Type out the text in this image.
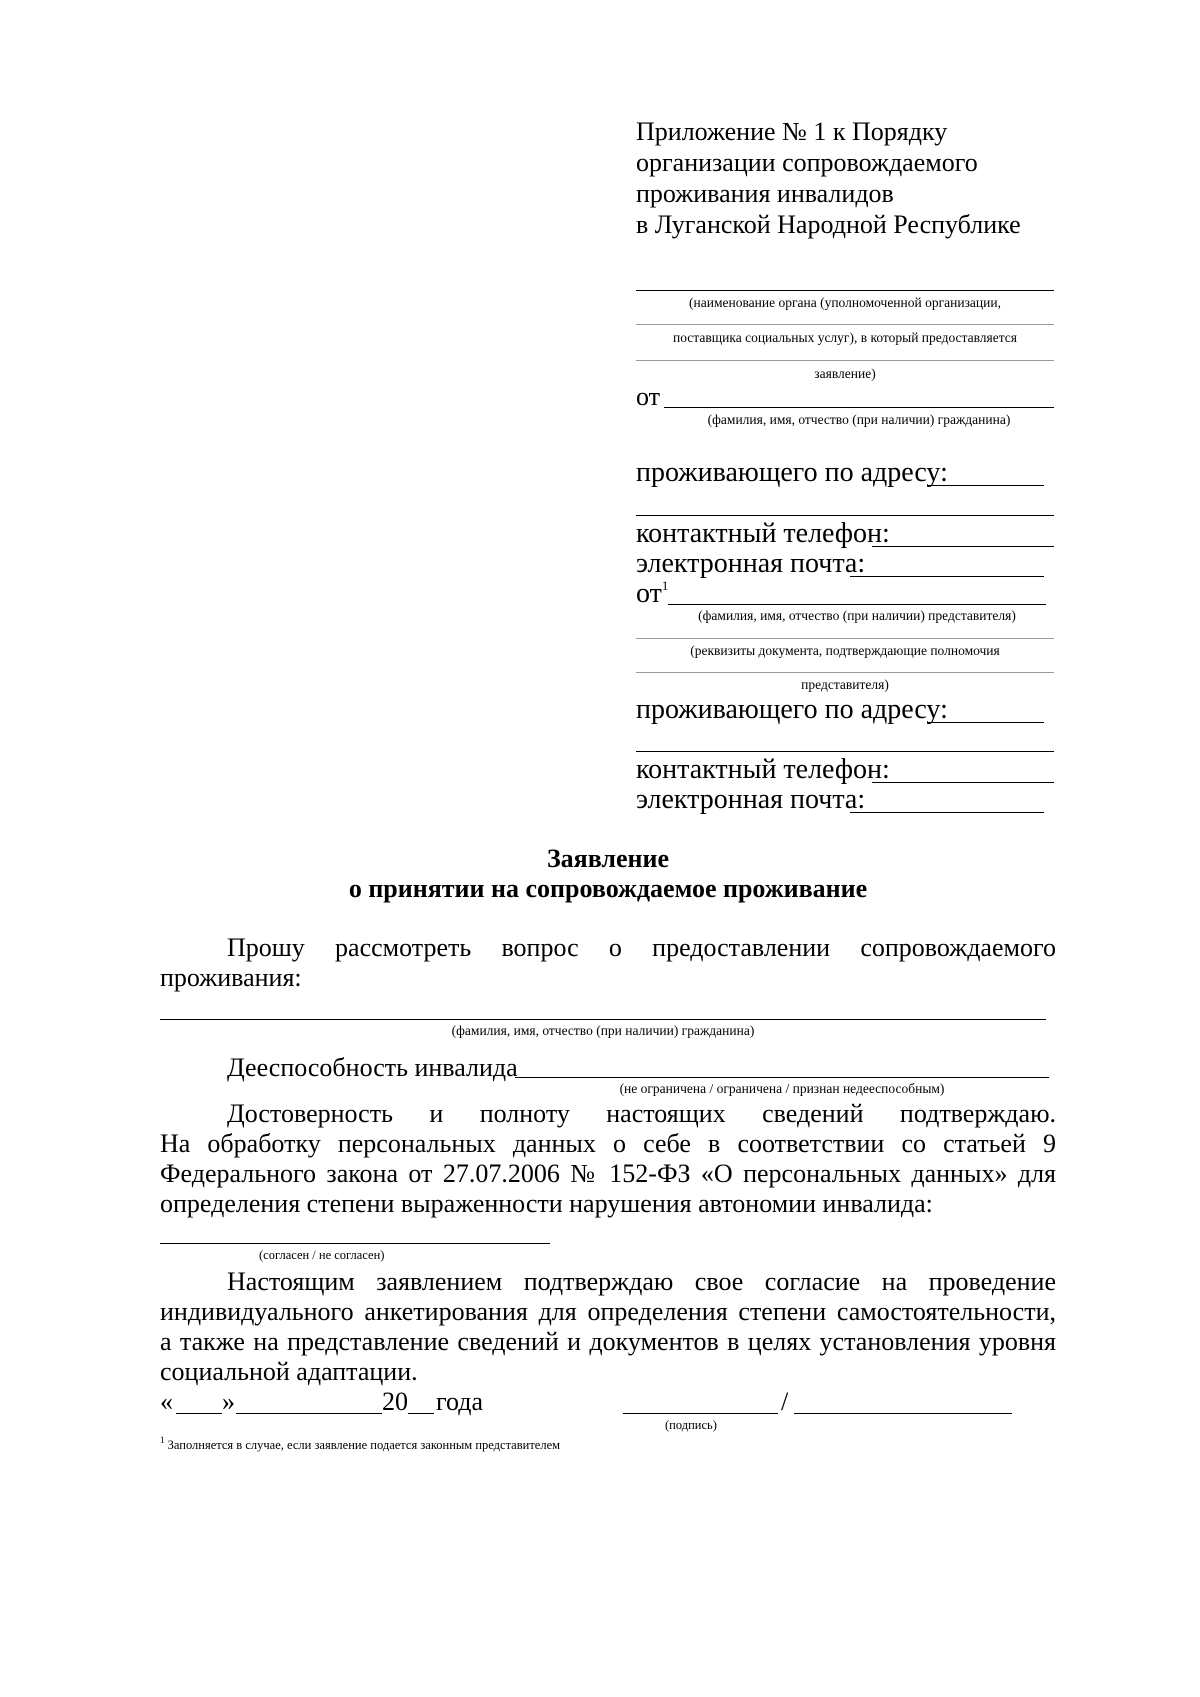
Приложение № 1 к Порядку
организации сопровождаемого
проживания инвалидов
в Луганской Народной Республике
(наименование органа (уполномоченной организации,
поставщика социальных услуг), в который предоставляется
заявление)
от
(фамилия, имя, отчество (при наличии) гражданина)
проживающего по адресу:
контактный телефон:
электронная почта:
$от^1$
(фамилия, имя, отчество (при наличии) представителя)
(реквизиты документа, подтверждающие полномочия
представителя)
проживающего по адресу:
контактный телефон:
электронная почта:
Заявление
о принятии на сопровождаемое проживание
Прошу рассмотреть вопрос о предоставлении сопровождаемого
проживания:
(фамилия, имя, отчество (при наличии) гражданина)
Дееспособность инвалида
(не ограничена / ограничена / признан недееспособным)
Достоверность и полноту настоящих сведений подтверждаю.
На обработку персональных данных о себе в соответствии со статьей 9
Федерального закона от 27.07.2006 № 152-ФЗ «О персональных данных» для
определения степени выраженности нарушения автономии инвалида:
(согласен / не согласен)
Настоящим заявлением подтверждаю свое согласие на проведение
индивидуального анкетирования для определения степени самостоятельности,
а также на представление сведений и документов в целях установления уровня
социальной адаптации.
« »	20 года	/
(подпись)
$^1$ Заполняется в случае, если заявление подается законным представителем
